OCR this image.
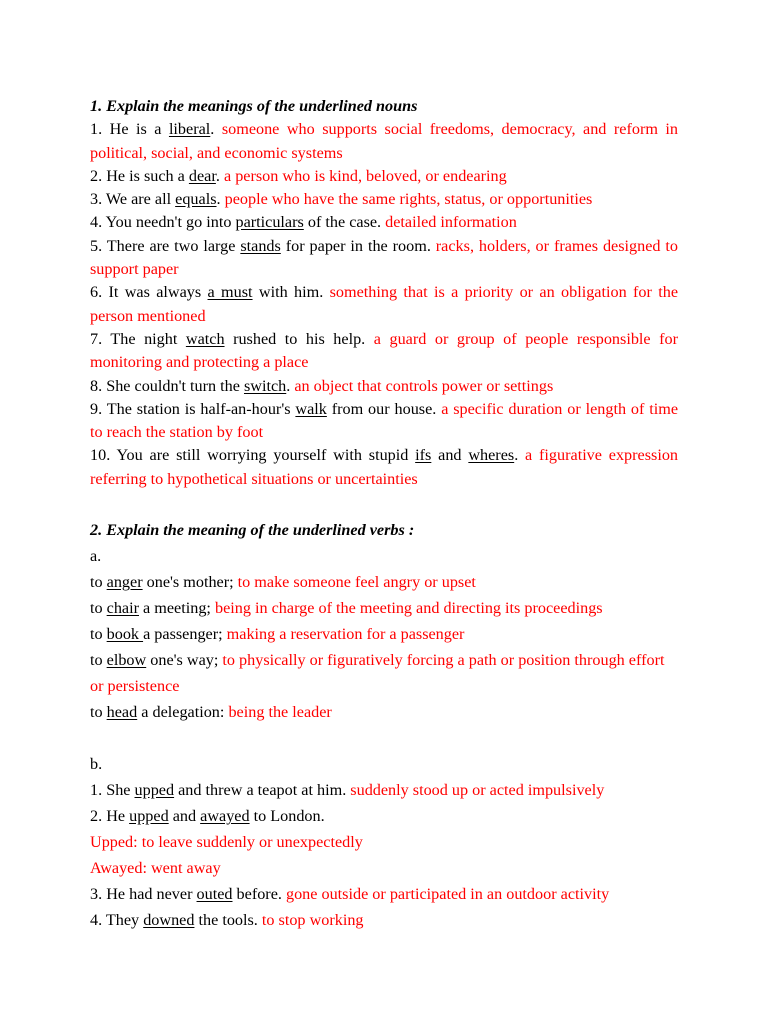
1. Explain the meanings of the underlined nouns
1. He is a liberal. someone who supports social freedoms, democracy, and reform in political, social, and economic systems
2. He is such a dear. a person who is kind, beloved, or endearing
3. We are all equals. people who have the same rights, status, or opportunities
4. You needn't go into particulars of the case. detailed information
5. There are two large stands for paper in the room. racks, holders, or frames designed to support paper
6. It was always a must with him. something that is a priority or an obligation for the person mentioned
7. The night watch rushed to his help. a guard or group of people responsible for monitoring and protecting a place
8. She couldn't turn the switch. an object that controls power or settings
9. The station is half-an-hour's walk from our house. a specific duration or length of time to reach the station by foot
10. You are still worrying yourself with stupid ifs and wheres. a figurative expression referring to hypothetical situations or uncertainties
2. Explain the meaning of the underlined verbs :
a.
to anger one's mother; to make someone feel angry or upset
to chair a meeting; being in charge of the meeting and directing its proceedings
to book a passenger; making a reservation for a passenger
to elbow one's way; to physically or figuratively forcing a path or position through effort or persistence
to head a delegation: being the leader
b.
1. She upped and threw a teapot at him. suddenly stood up or acted impulsively
2. He upped and awayed to London.
Upped: to leave suddenly or unexpectedly
Awayed: went away
3. He had never outed before. gone outside or participated in an outdoor activity
4. They downed the tools. to stop working
